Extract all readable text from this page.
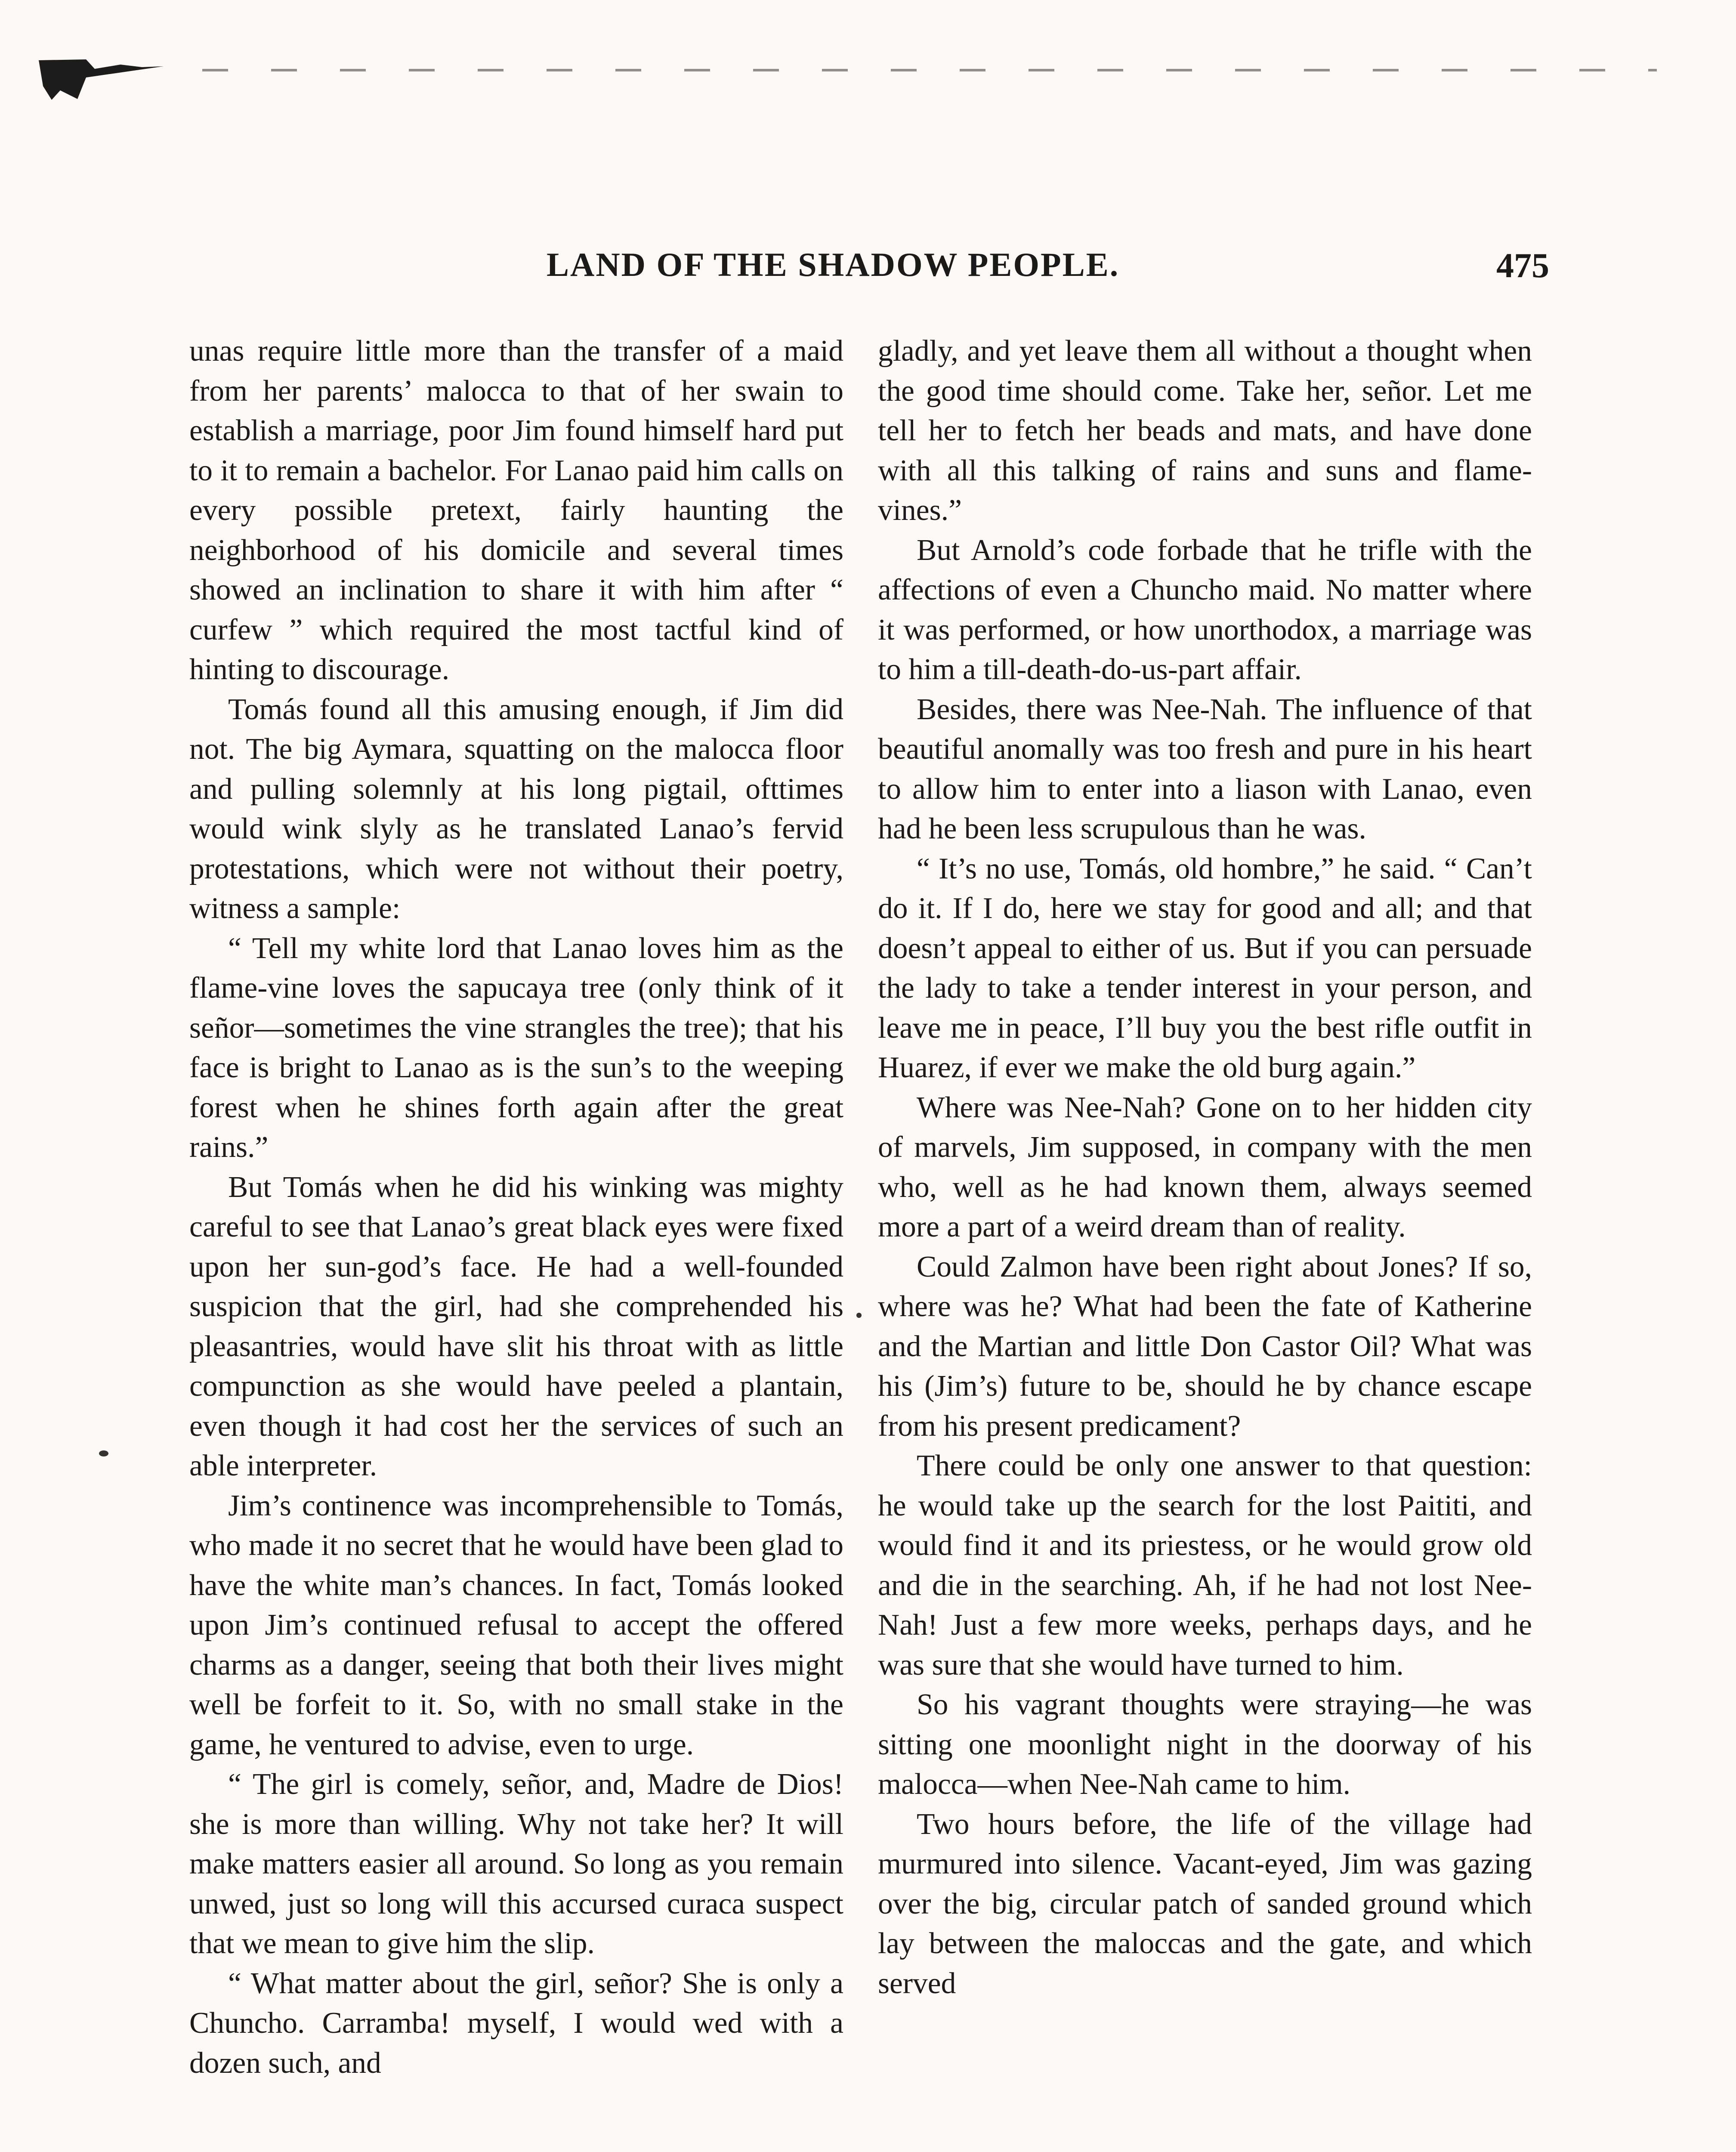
LAND OF THE SHADOW PEOPLE.	475

unas require little more than the transfer of a maid from her parents’ malocca to that of her swain to establish a marriage, poor Jim found himself hard put to it to remain a bachelor. For Lanao paid him calls on every possible pretext, fairly haunting the neighborhood of his domicile and several times showed an inclination to share it with him after “ curfew ” which required the most tactful kind of hinting to discourage.

Tomás found all this amusing enough, if Jim did not. The big Aymara, squatting on the malocca floor and pulling solemnly at his long pigtail, ofttimes would wink slyly as he translated Lanao’s fervid protestations, which were not without their poetry, witness a sample:

“ Tell my white lord that Lanao loves him as the flame-vine loves the sapucaya tree (only think of it señor—sometimes the vine strangles the tree); that his face is bright to Lanao as is the sun’s to the weeping forest when he shines forth again after the great rains.”

But Tomás when he did his winking was mighty careful to see that Lanao’s great black eyes were fixed upon her sun-god’s face. He had a well-founded suspicion that the girl, had she comprehended his pleasantries, would have slit his throat with as little compunction as she would have peeled a plantain, even though it had cost her the services of such an able interpreter.

Jim’s continence was incomprehensible to Tomás, who made it no secret that he would have been glad to have the white man’s chances. In fact, Tomás looked upon Jim’s continued refusal to accept the offered charms as a danger, seeing that both their lives might well be forfeit to it. So, with no small stake in the game, he ventured to advise, even to urge.

“ The girl is comely, señor, and, Madre de Dios! she is more than willing. Why not take her? It will make matters easier all around. So long as you remain unwed, just so long will this accursed curaca suspect that we mean to give him the slip.

“ What matter about the girl, señor? She is only a Chuncho. Carramba! myself, I would wed with a dozen such, and

gladly, and yet leave them all without a thought when the good time should come. Take her, señor. Let me tell her to fetch her beads and mats, and have done with all this talking of rains and suns and flame-vines.”

But Arnold’s code forbade that he trifle with the affections of even a Chuncho maid. No matter where it was performed, or how unorthodox, a marriage was to him a till-death-do-us-part affair.

Besides, there was Nee-Nah. The influence of that beautiful anomally was too fresh and pure in his heart to allow him to enter into a liason with Lanao, even had he been less scrupulous than he was.

“ It’s no use, Tomás, old hombre,” he said. “ Can’t do it. If I do, here we stay for good and all; and that doesn’t appeal to either of us. But if you can persuade the lady to take a tender interest in your person, and leave me in peace, I’ll buy you the best rifle outfit in Huarez, if ever we make the old burg again.”

Where was Nee-Nah? Gone on to her hidden city of marvels, Jim supposed, in company with the men who, well as he had known them, always seemed more a part of a weird dream than of reality.

Could Zalmon have been right about Jones? If so, where was he? What had been the fate of Katherine and the Martian and little Don Castor Oil? What was his (Jim’s) future to be, should he by chance escape from his present predicament?

There could be only one answer to that question: he would take up the search for the lost Paititi, and would find it and its priestess, or he would grow old and die in the searching. Ah, if he had not lost Nee-Nah! Just a few more weeks, perhaps days, and he was sure that she would have turned to him.

So his vagrant thoughts were straying—he was sitting one moonlight night in the doorway of his malocca—when Nee-Nah came to him.

Two hours before, the life of the village had murmured into silence. Vacant-eyed, Jim was gazing over the big, circular patch of sanded ground which lay between the maloccas and the gate, and which served
